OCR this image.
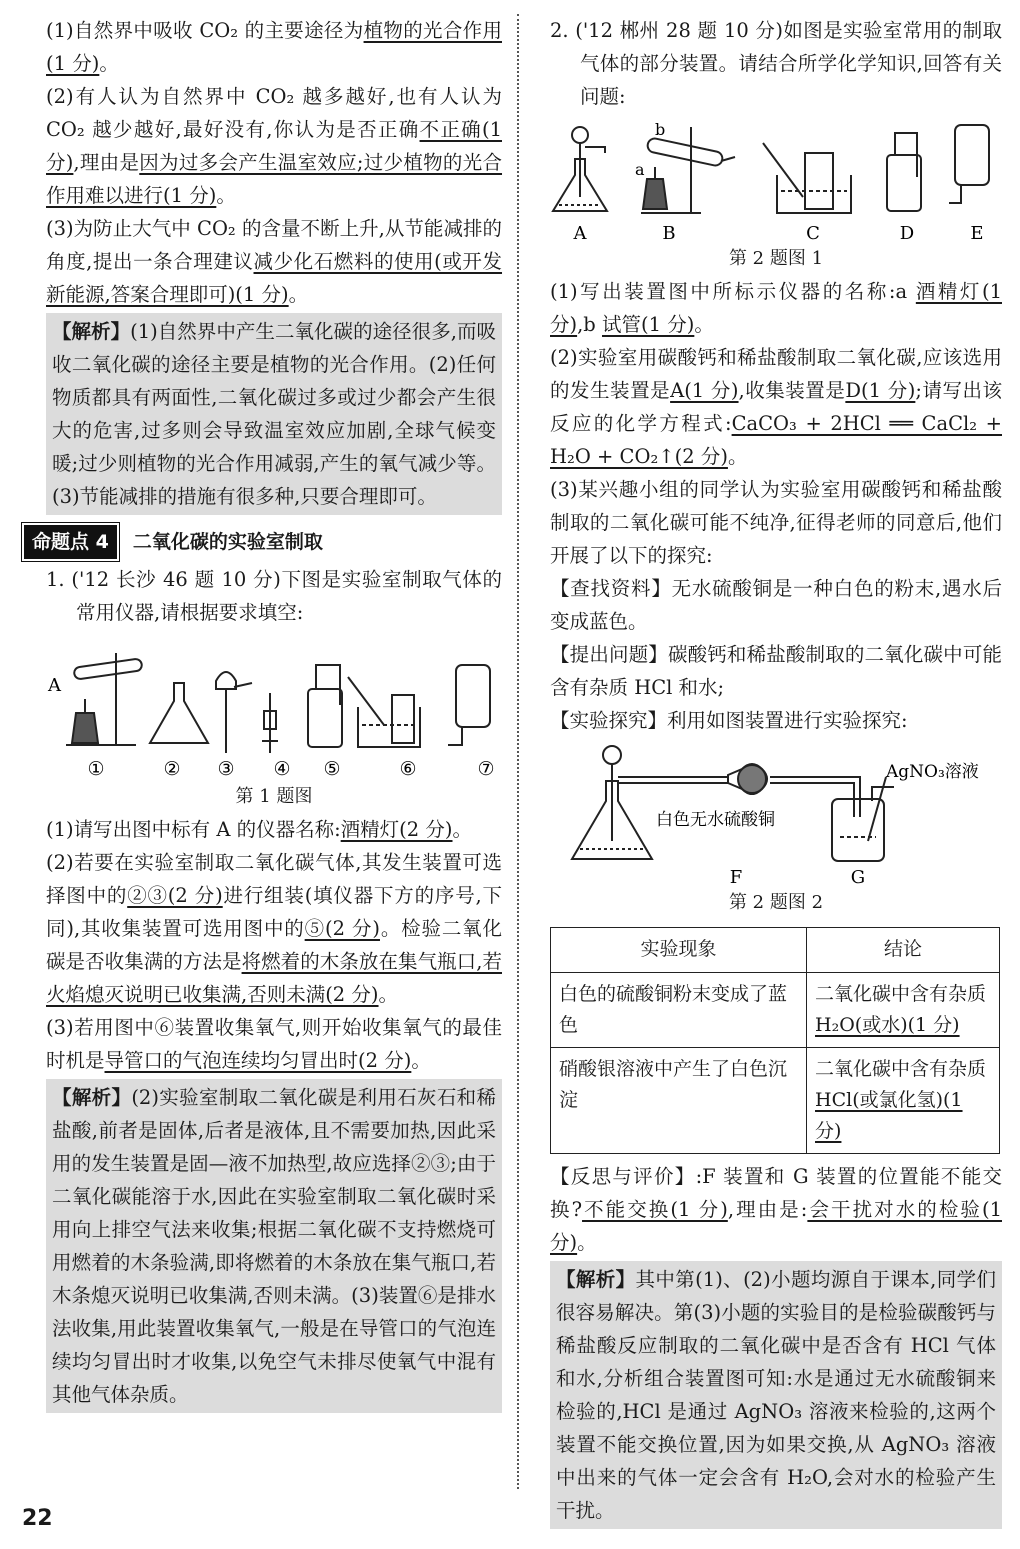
(1)自然界中吸收 CO₂ 的主要途径为植物的光合作用(1 分)。

(2)有人认为自然界中 CO₂ 越多越好,也有人认为 CO₂ 越少越好,最好没有,你认为是否正确不正确(1 分),理由是因为过多会产生温室效应;过少植物的光合作用难以进行(1 分)。

(3)为防止大气中 CO₂ 的含量不断上升,从节能减排的角度,提出一条合理建议减少化石燃料的使用(或开发新能源,答案合理即可)(1 分)。

【解析】(1)自然界中产生二氧化碳的途径很多,而吸收二氧化碳的途径主要是植物的光合作用。(2)任何物质都具有两面性,二氧化碳过多或过少都会产生很大的危害,过多则会导致温室效应加剧,全球气候变暖;过少则植物的光合作用减弱,产生的氧气减少等。(3)节能减排的措施有很多种,只要合理即可。
命题点 4	二氧化碳的实验室制取

1. ('12 长沙 46 题 10 分)下图是实验室制取气体的常用仪器,请根据要求填空:

A
①	② ③ ④ ⑤	⑥	⑦

第 1 题图

(1)请写出图中标有 A 的仪器名称:酒精灯(2 分)。

(2)若要在实验室制取二氧化碳气体,其发生装置可选择图中的②③(2 分)进行组装(填仪器下方的序号,下同),其收集装置可选用图中的⑤(2 分)。检验二氧化碳是否收集满的方法是将燃着的木条放在集气瓶口,若火焰熄灭说明已收集满,否则未满(2 分)。

(3)若用图中⑥装置收集氧气,则开始收集氧气的最佳时机是导管口的气泡连续均匀冒出时(2 分)。

【解析】(2)实验室制取二氧化碳是利用石灰石和稀盐酸,前者是固体,后者是液体,且不需要加热,因此采用的发生装置是固—液不加热型,故应选择②③;由于二氧化碳能溶于水,因此在实验室制取二氧化碳时采用向上排空气法来收集;根据二氧化碳不支持燃烧可用燃着的木条验满,即将燃着的木条放在集气瓶口,若木条熄灭说明已收集满,否则未满。(3)装置⑥是排水法收集,用此装置收集氧气,一般是在导管口的气泡连续均匀冒出时才收集,以免空气未排尽使氧气中混有其他气体杂质。

2. ('12 郴州 28 题 10 分)如图是实验室常用的制取气体的部分装置。请结合所学化学知识,回答有关问题:

a
b
A	B	C	D	E

第 2 题图 1

(1)写出装置图中所标示仪器的名称:a 酒精灯(1 分),b 试管(1 分)。

(2)实验室用碳酸钙和稀盐酸制取二氧化碳,应该选用的发生装置是A(1 分),收集装置是D(1 分);请写出该反应的化学方程式:CaCO₃ + 2HCl ══ CaCl₂ + H₂O + CO₂↑(2 分)。

(3)某兴趣小组的同学认为实验室用碳酸钙和稀盐酸制取的二氧化碳可能不纯净,征得老师的同意后,他们开展了以下的探究:

【查找资料】无水硫酸铜是一种白色的粉末,遇水后变成蓝色。

【提出问题】碳酸钙和稀盐酸制取的二氧化碳中可能含有杂质 HCl 和水;

【实验探究】利用如图装置进行实验探究:

AgNO₃溶液
白色无水硫酸铜
F	G

第 2 题图 2

实验现象	结论
白色的硫酸铜粉末变成了蓝色	二氧化碳中含有杂质
H₂O(或水)(1 分)
硝酸银溶液中产生了白色沉淀	二氧化碳中含有杂质
HCl(或氯化氢)(1 分)

【反思与评价】:F 装置和 G 装置的位置能不能交换?不能交换(1 分),理由是:会干扰对水的检验(1 分)。

【解析】其中第(1)、(2)小题均源自于课本,同学们很容易解决。第(3)小题的实验目的是检验碳酸钙与稀盐酸反应制取的二氧化碳中是否含有 HCl 气体和水,分析组合装置图可知:水是通过无水硫酸铜来检验的,HCl 是通过 AgNO₃ 溶液来检验的,这两个装置不能交换位置,因为如果交换,从 AgNO₃ 溶液中出来的气体一定会含有 H₂O,会对水的检验产生干扰。
22
